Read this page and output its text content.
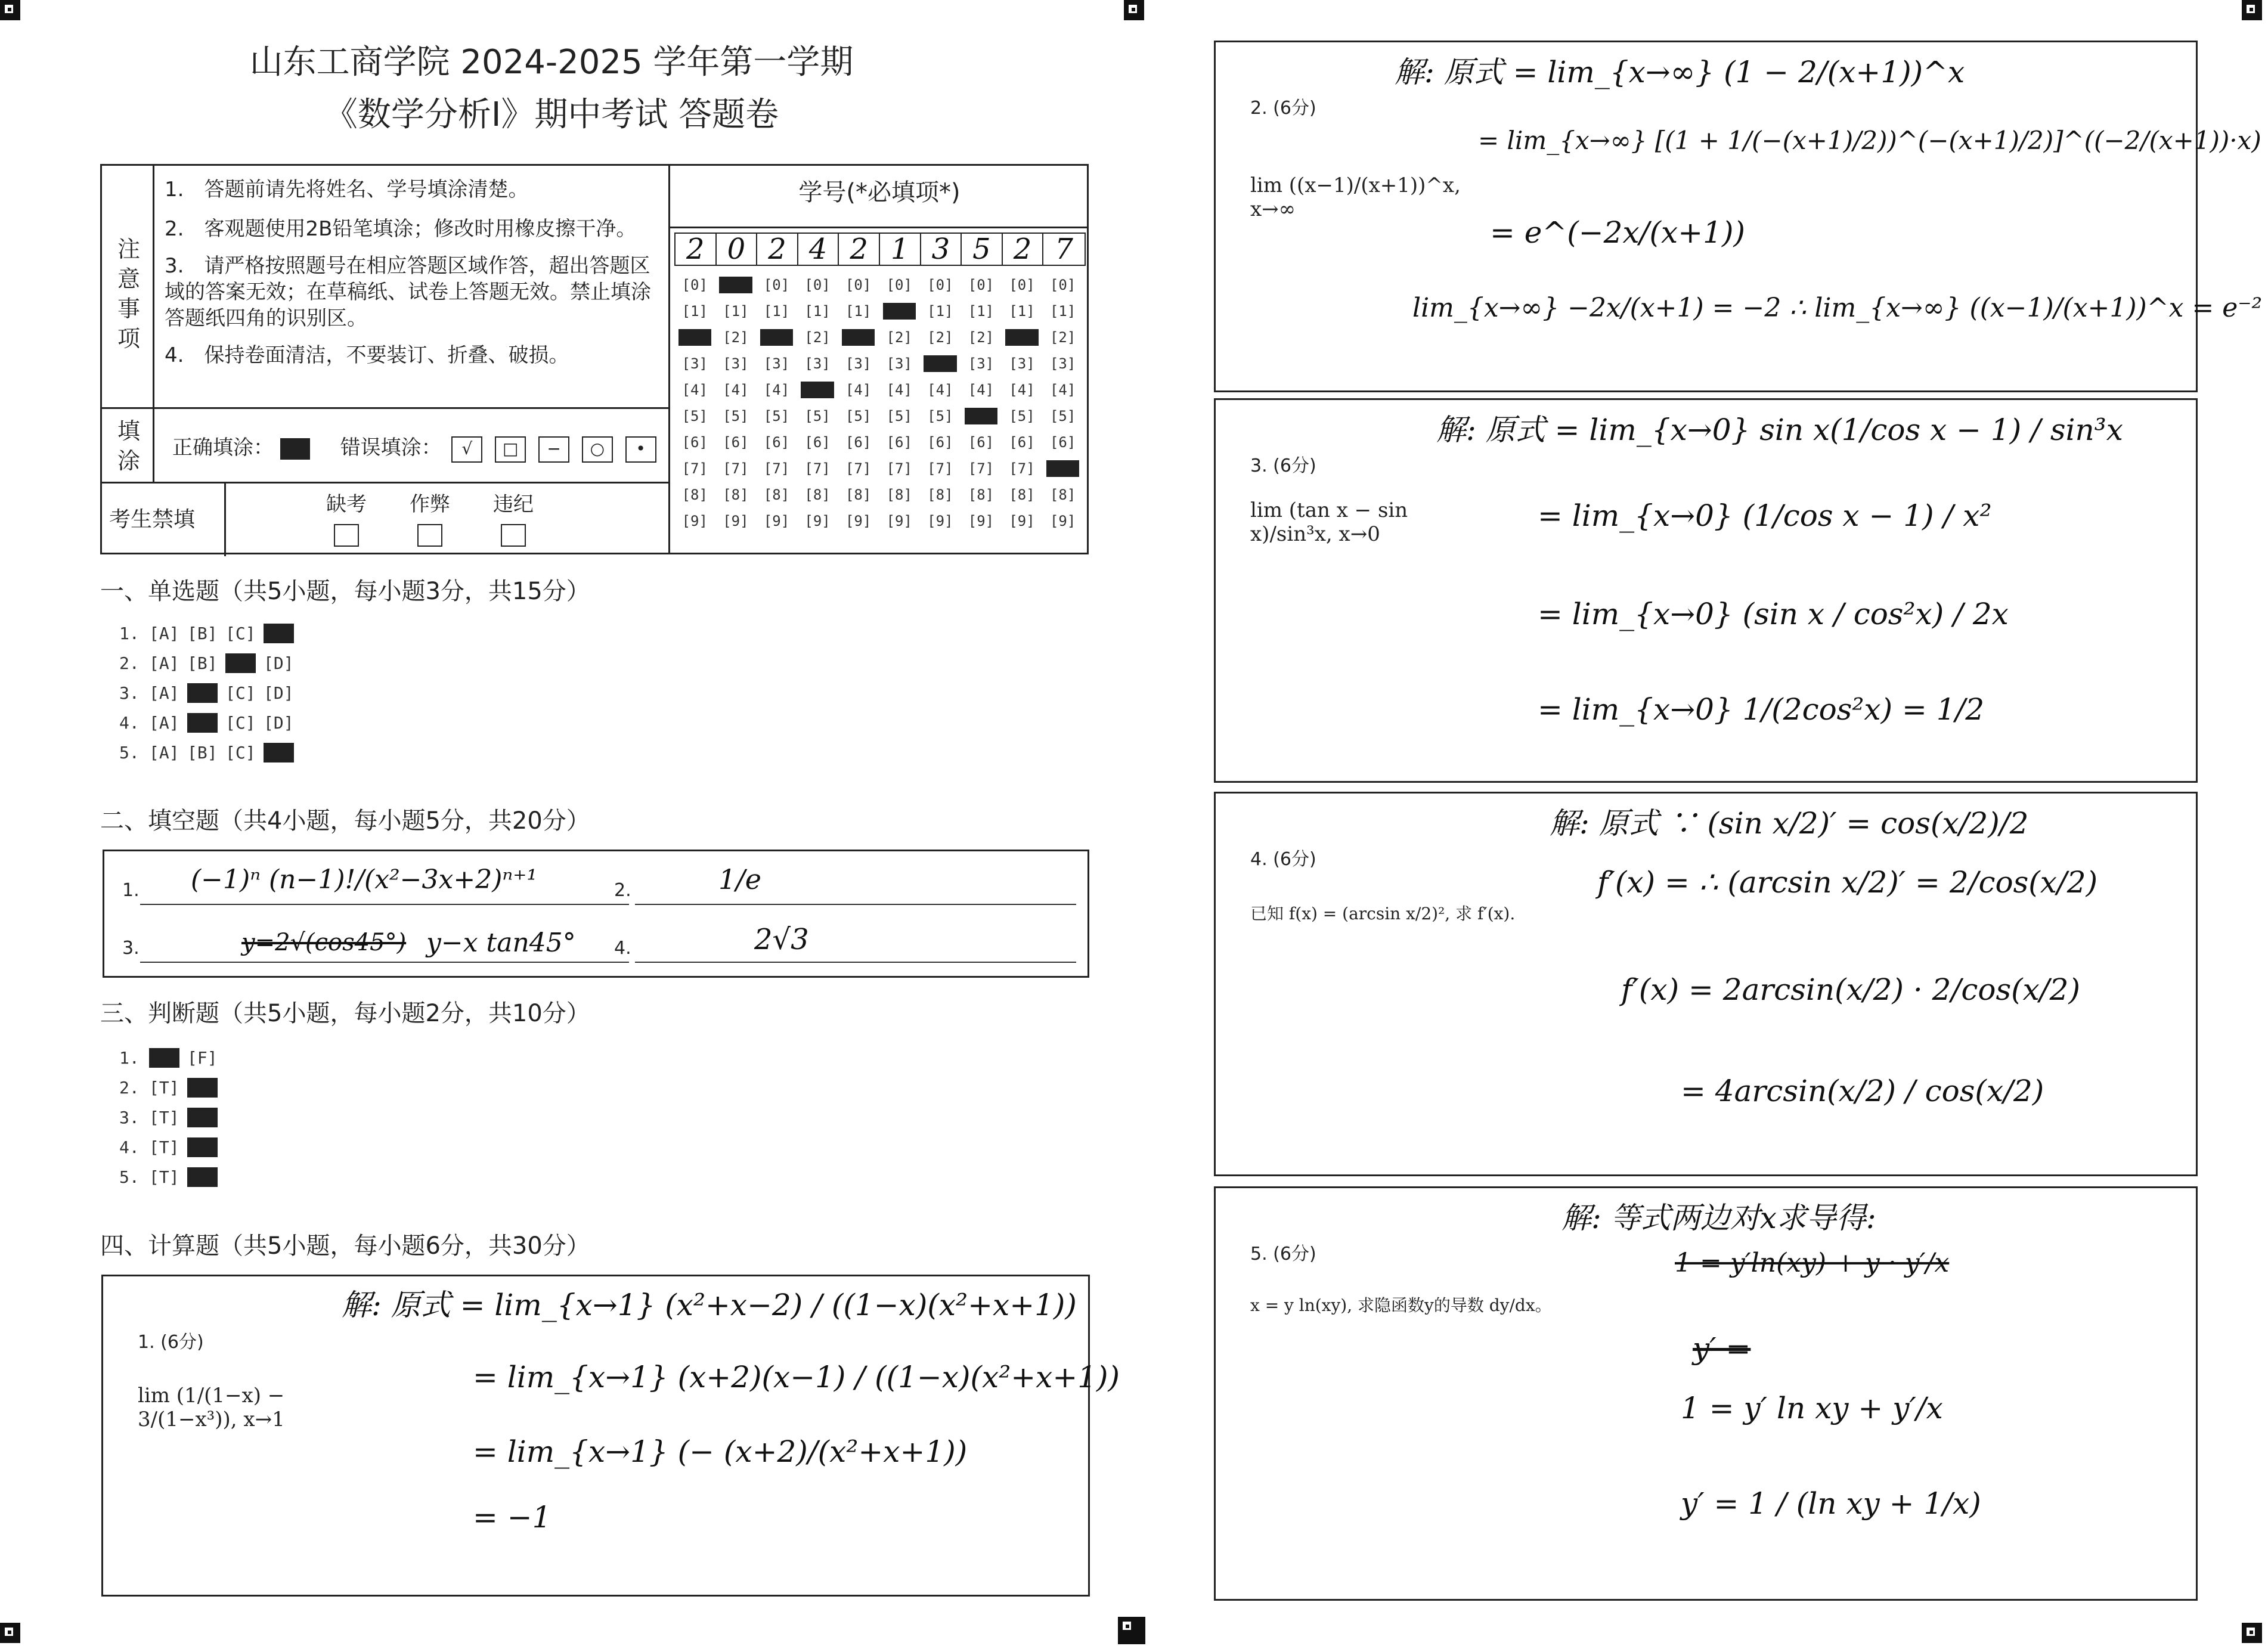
山东工商学院 2024-2025 学年第一学期
《数学分析Ⅰ》期中考试 答题卷
注意事项
1.　答题前请先将姓名、学号填涂清楚。
2.　客观题使用2B铅笔填涂；修改时用橡皮擦干净。
3.　请严格按照题号在相应答题区域作答，超出答题区域的答案无效；在草稿纸、试卷上答题无效。禁止填涂答题纸四角的识别区。
4.　保持卷面清洁，不要装订、折叠、破损。
填涂 正确填涂：	错误填涂： √ □ − ○ •
考生禁填
缺考	作弊	违纪
学号(*必填项*)
2 0 2 4 2 1 3 5 2 7
[0] [0] [0] [0] [0] [0] [0] [0] [0] [0]
[1] [1] [1] [1] [1] [1] [1] [1] [1] [1]
[2] [2] [2] [2] [2] [2] [2] [2] [2] [2]
[3] [3] [3] [3] [3] [3] [3] [3] [3] [3]
[4] [4] [4] [4] [4] [4] [4] [4] [4] [4]
[5] [5] [5] [5] [5] [5] [5] [5] [5] [5]
[6] [6] [6] [6] [6] [6] [6] [6] [6] [6]
[7] [7] [7] [7] [7] [7] [7] [7] [7] [7]
[8] [8] [8] [8] [8] [8] [8] [8] [8] [8]
[9] [9] [9] [9] [9] [9] [9] [9] [9] [9]
一、单选题（共5小题，每小题3分，共15分）
1. [A] [B] [C] [D]
2. [A] [B] [C] [D]
3. [A] [B] [C] [D]
4. [A] [B] [C] [D]
5. [A] [B] [C] [D]
二、填空题（共4小题，每小题5分，共20分）
1. (−1)ⁿ (n−1)!/(x²−3x+2)ⁿ⁺¹	2.	1/e
3.	y=2√(cos45°) y−x tan45° 4.	2√3
三、判断题（共5小题，每小题2分，共10分）
1. [T] [F]
2. [T] [F]
3. [T] [F]
4. [T] [F]
5. [T] [F]
四、计算题（共5小题，每小题6分，共30分）
1. (6分)
lim (1/(1−x) − 3/(1−x³)), x→1
解: 原式 = lim_{x→1} (x²+x−2) / ((1−x)(x²+x+1))
= lim_{x→1} (x+2)(x−1) / ((1−x)(x²+x+1))
= lim_{x→1} (− (x+2)/(x²+x+1))
= −1
2. (6分)
lim ((x−1)/(x+1))^x, x→∞
解: 原式 = lim_{x→∞} (1 − 2/(x+1))^x
= lim_{x→∞} [(1 + 1/(−(x+1)/2))^(−(x+1)/2)]^((−2/(x+1))·x)
= e^(−2x/(x+1))
lim_{x→∞} −2x/(x+1) = −2 ∴ lim_{x→∞} ((x−1)/(x+1))^x = e⁻²
3. (6分)
lim (tan x − sin x)/sin³x, x→0
解: 原式 = lim_{x→0} sin x(1/cos x − 1) / sin³x
= lim_{x→0} (1/cos x − 1) / x²
= lim_{x→0} (sin x / cos²x) / 2x
= lim_{x→0} 1/(2cos²x) = 1/2
4. (6分)
已知 f(x) = (arcsin x/2)², 求 f′(x).
解: 原式 ∵ (sin x/2)′ = cos(x/2)/2
f′(x) = ∴ (arcsin x/2)′ = 2/cos(x/2)
f′(x) = 2arcsin(x/2) · 2/cos(x/2)
= 4arcsin(x/2) / cos(x/2)
5. (6分)
x = y ln(xy), 求隐函数y的导数 dy/dx。
解: 等式两边对x求导得:
1 = y′ln(xy) + y · y′/x
y′ =
1 = y′ ln xy + y′/x
y′ = 1 / (ln xy + 1/x)
